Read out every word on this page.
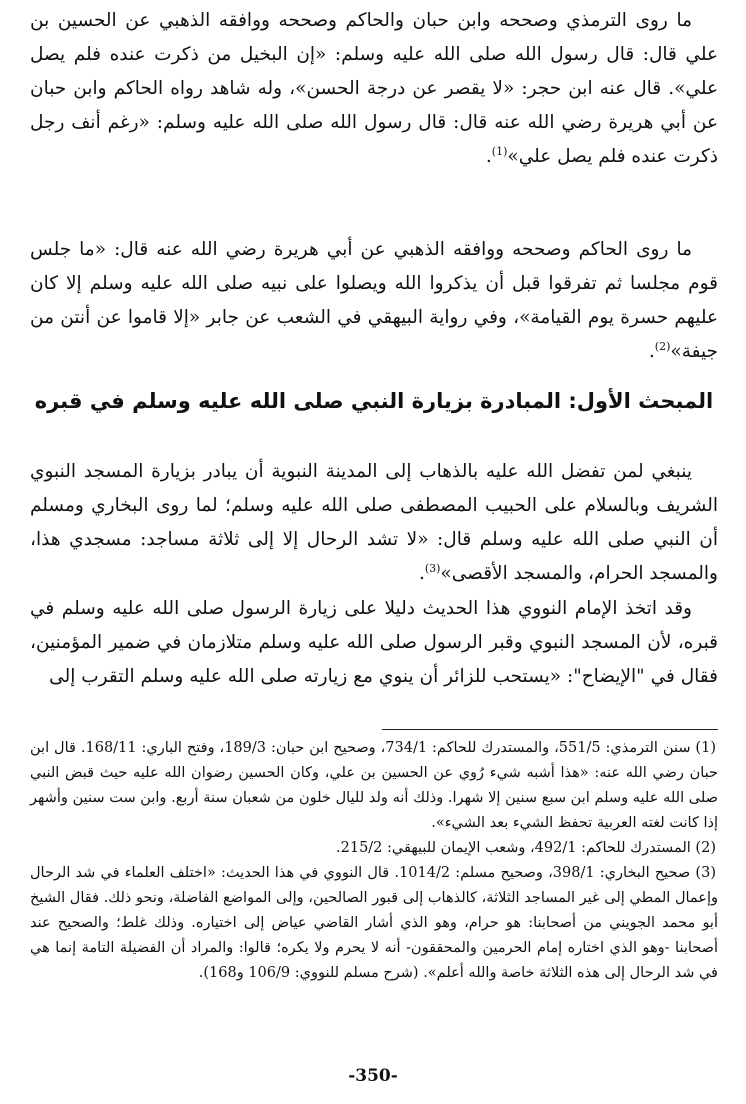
ما روى الترمذي وصححه وابن حبان والحاكم وصححه ووافقه الذهبي عن الحسين بن علي قال: قال رسول الله صلى الله عليه وسلم: «إن البخيل من ذكرت عنده فلم يصل علي». قال عنه ابن حجر: «لا يقصر عن درجة الحسن»، وله شاهد رواه الحاكم وابن حبان عن أبي هريرة رضي الله عنه قال: قال رسول الله صلى الله عليه وسلم: «رغم أنف رجل ذكرت عنده فلم يصل علي»$^{(1)}$.

ما روى الحاكم وصححه ووافقه الذهبي عن أبي هريرة رضي الله عنه قال: «ما جلس قوم مجلسا ثم تفرقوا قبل أن يذكروا الله ويصلوا على نبيه صلى الله عليه وسلم إلا كان عليهم حسرة يوم القيامة»، وفي رواية البيهقي في الشعب عن جابر «إلا قاموا عن أنتن من جيفة»$^{(2)}$.

المبحث الأول: المبادرة بزيارة النبي صلى الله عليه وسلم في قبره

ينبغي لمن تفضل الله عليه بالذهاب إلى المدينة النبوية أن يبادر بزيارة المسجد النبوي الشريف وبالسلام على الحبيب المصطفى صلى الله عليه وسلم؛ لما روى البخاري ومسلم أن النبي صلى الله عليه وسلم قال: «لا تشد الرحال إلا إلى ثلاثة مساجد: مسجدي هذا، والمسجد الحرام، والمسجد الأقصى»$^{(3)}$.

وقد اتخذ الإمام النووي هذا الحديث دليلا على زيارة الرسول صلى الله عليه وسلم في قبره، لأن المسجد النبوي وقبر الرسول صلى الله عليه وسلم متلازمان في ضمير المؤمنين، فقال في "الإيضاح": «يستحب للزائر أن ينوي مع زيارته صلى الله عليه وسلم التقرب إلى

(1) سنن الترمذي: 551/5، والمستدرك للحاكم: 734/1، وصحيح ابن حبان: 189/3، وفتح الباري: 168/11. قال ابن حبان رضي الله عنه: «هذا أشبه شيء رُوي عن الحسين بن علي، وكان الحسين رضوان الله عليه حيث قبض النبي صلى الله عليه وسلم ابن سبع سنين إلا شهرا. وذلك أنه ولد لليال خلون من شعبان سنة أربع. وابن ست سنين وأشهر إذا كانت لغته العربية تحفظ الشيء بعد الشيء».

(2) المستدرك للحاكم: 492/1، وشعب الإيمان للبيهقي: 215/2.

(3) صحيح البخاري: 398/1، وصحيح مسلم: 1014/2. قال النووي في هذا الحديث: «اختلف العلماء في شد الرحال وإعمال المطي إلى غير المساجد الثلاثة، كالذهاب إلى قبور الصالحين، وإلى المواضع الفاضلة، ونحو ذلك. فقال الشيخ أبو محمد الجويني من أصحابنا: هو حرام، وهو الذي أشار القاضي عياض إلى اختياره. وذلك غلط؛ والصحيح عند أصحابنا -وهو الذي اختاره إمام الحرمين والمحققون- أنه لا يحرم ولا يكره؛ قالوا: والمراد أن الفضيلة التامة إنما هي في شد الرحال إلى هذه الثلاثة خاصة والله أعلم». (شرح مسلم للنووي: 106/9 و168).

-350-
